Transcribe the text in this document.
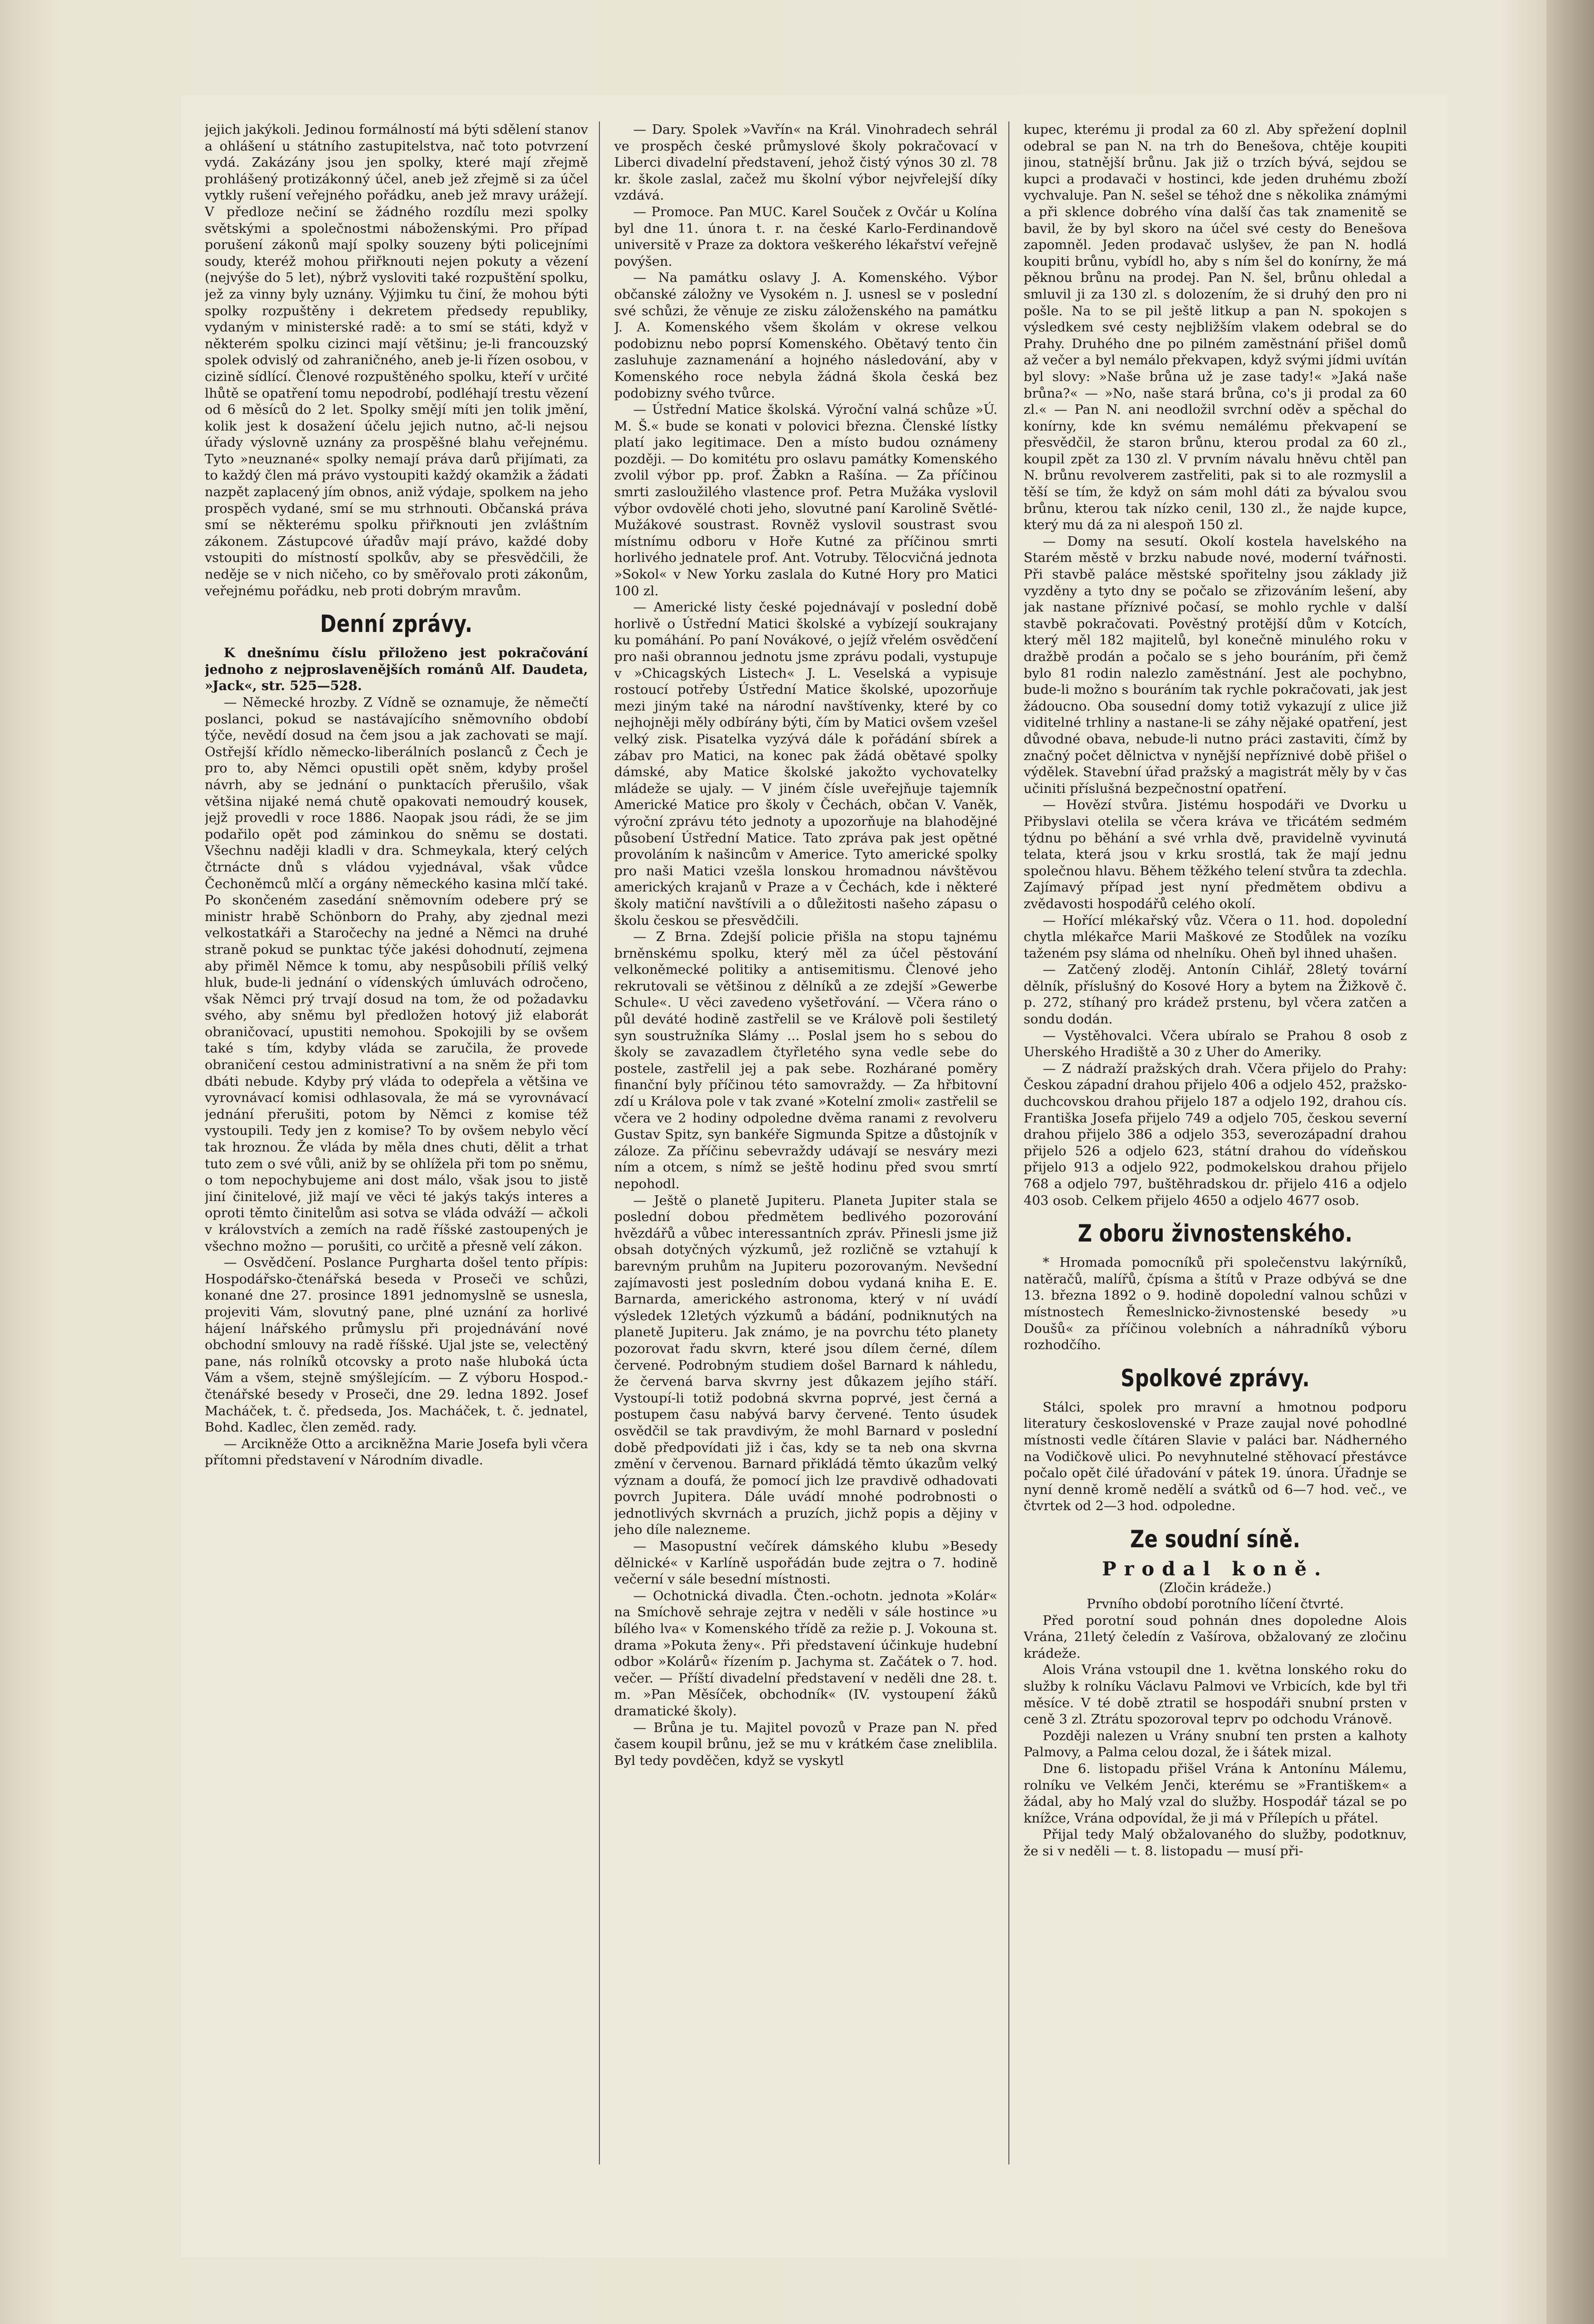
jejich jakýkoli. Jedinou formálností má býti sdělení stanov a ohlášení u státního zastupitelstva, nač toto potvrzení vydá. Zakázány jsou jen spolky, které mají zřejmě prohlášený protizákonný účel, aneb jež zřejmě si za účel vytkly rušení veřejného pořádku, aneb jež mravy urážejí. V předloze nečiní se žádného rozdílu mezi spolky světskými a společnostmi náboženskými. Pro případ porušení zákonů mají spolky souzeny býti policejními soudy, kteréž mohou přiřknouti nejen pokuty a vězení (nejvýše do 5 let), nýbrž vysloviti také rozpuštění spolku, jež za vinny byly uznány. Výjimku tu činí, že mohou býti spolky rozpuštěny i dekretem předsedy republiky, vydaným v ministerské radě: a to smí se státi, když v některém spolku cizinci mají většinu; je-li francouzský spolek odvislý od zahraničného, aneb je-li řízen osobou, v cizině sídlící. Členové rozpuštěného spolku, kteří v určité lhůtě se opatření tomu nepodrobí, podléhají trestu vězení od 6 měsíců do 2 let. Spolky smějí míti jen tolik jmění, kolik jest k dosažení účelu jejich nutno, ač-li nejsou úřady výslovně uznány za prospěšné blahu veřejnému. Tyto »neuznané« spolky nemají práva darů přijímati, za to každý člen má právo vystoupiti každý okamžik a žádati nazpět zaplacený jím obnos, aniž výdaje, spolkem na jeho prospěch vydané, smí se mu strhnouti. Občanská práva smí se některému spolku přiřknouti jen zvláštním zákonem. Zástupcové úřadův mají právo, každé doby vstoupiti do místností spolkův, aby se přesvědčili, že neděje se v nich ničeho, co by směřovalo proti zákonům, veřejnému pořádku, neb proti dobrým mravům.

Denní zprávy.

K dnešnímu číslu přiloženo jest pokračování jednoho z nejproslavenějších románů Alf. Daudeta, »Jack«, str. 525—528.

— Německé hrozby. Z Vídně se oznamuje, že němečtí poslanci, pokud se nastávajícího sněmovního období týče, nevědí dosud na čem jsou a jak zachovati se mají. Ostřejší křídlo německo-liberálních poslanců z Čech je pro to, aby Němci opustili opět sněm, kdyby prošel návrh, aby se jednání o punktacích přerušilo, však většina nijaké nemá chutě opakovati nemoudrý kousek, jejž provedli v roce 1886. Naopak jsou rádi, že se jim podařilo opět pod záminkou do sněmu se dostati. Všechnu naději kladli v dra. Schmeykala, který celých čtrnácte dnů s vládou vyjednával, však vůdce Čechoněmců mlčí a orgány německého kasina mlčí také. Po skončeném zasedání sněmovním odebere prý se ministr hrabě Schönborn do Prahy, aby zjednal mezi velkostatkáři a Staročechy na jedné a Němci na druhé straně pokud se punktac týče jakési dohodnutí, zejmena aby přiměl Němce k tomu, aby nespůsobili příliš velký hluk, bude-li jednání o vídenských úmluvách odročeno, však Němci prý trvají dosud na tom, že od požadavku svého, aby sněmu byl předložen hotový již elaborát obraničovací, upustiti nemohou. Spokojili by se ovšem také s tím, kdyby vláda se zaručila, že provede obraničení cestou administrativní a na sněm že při tom dbáti nebude. Kdyby prý vláda to odepřela a většina ve vyrovnávací komisi odhlasovala, že má se vyrovnávací jednání přerušiti, potom by Němci z komise též vystoupili. Tedy jen z komise? To by ovšem nebylo věcí tak hroznou. Že vláda by měla dnes chuti, dělit a trhat tuto zem o své vůli, aniž by se ohlížela při tom po sněmu, o tom nepochybujeme ani dost málo, však jsou to jistě jiní činitelové, již mají ve věci té jakýs takýs interes a oproti těmto činitelům asi sotva se vláda odváží — ačkoli v královstvích a zemích na radě říšské zastoupených je všechno možno — porušiti, co určitě a přesně velí zákon.

— Osvědčení. Poslance Purghartа došel tento přípis: Hospodářsko-čtenářská beseda v Proseči ve schůzi, konané dne 27. prosince 1891 jednomyslně se usnesla, projeviti Vám, slovutný pane, plné uznání za horlivé hájení lnářského průmyslu při projednávání nové obchodní smlouvy na radě říšské. Ujal jste se, velectěný pane, nás rolníků otcovsky a proto naše hluboká úcta Vám a všem, stejně smýšlejícím. — Z výboru Hospod.-čtenářské besedy v Proseči, dne 29. ledna 1892. Josef Macháček, t. č. předseda, Jos. Macháček, t. č. jednatel, Bohd. Kadlec, člen zeměd. rady.

— Arcikněže Otto a arcikněžna Marie Josefa byli včera přítomni představení v Národním divadle.

— Dary. Spolek »Vavřín« na Král. Vinohradech sehrál ve prospěch české průmyslové školy pokračovací v Liberci divadelní představení, jehož čistý výnos 30 zl. 78 kr. škole zaslal, začež mu školní výbor nejvřelejší díky vzdává.

— Promoce. Pan MUC. Karel Souček z Ovčár u Kolína byl dne 11. února t. r. na české Karlo-Ferdinandově universitě v Praze za doktora veškerého lékařství veřejně povýšen.

— Na památku oslavy J. A. Komenského. Výbor občanské záložny ve Vysokém n. J. usnesl se v poslední své schůzi, že věnuje ze zisku záloženského na památku J. A. Komenského všem školám v okrese velkou podobiznu nebo poprsí Komenského. Obětavý tento čin zasluhuje zaznamenání a hojného následování, aby v Komenského roce nebyla žádná škola česká bez podobizny svého tvůrce.

— Ústřední Matice školská. Výroční valná schůze »Ú. M. Š.« bude se konati v polovici března. Členské lístky platí jako legitimace. Den a místo budou oznámeny později. — Do komitétu pro oslavu památky Komenského zvolil výbor pp. prof. Žabkn a Rašína. — Za příčinou smrti zasloužilého vlastence prof. Petra Mužáka vyslovil výbor ovdovělé choti jeho, slovutné paní Karolině Světlé-Mužákové soustrast. Rovněž vyslovil soustrast svou místnímu odboru v Hoře Kutné za příčinou smrti horlivého jednatele prof. Ant. Votruby. Tělocvičná jednota »Sokol« v New Yorku zaslala do Kutné Hory pro Matici 100 zl.

— Americké listy české pojednávají v poslední době horlivě o Ústřední Matici školské a vybízejí soukrajany ku pomáhání. Po paní Novákové, o jejíž vřelém osvědčení pro naši obrannou jednotu jsme zprávu podali, vystupuje v »Chicagských Listech« J. L. Veselská a vypisuje rostoucí potřeby Ústřední Matice školské, upozorňuje mezi jiným také na národní navštívenky, které by co nejhojněji měly odbírány býti, čím by Matici ovšem vzešel velký zisk. Pisatelka vyzývá dále k pořádání sbírek a zábav pro Matici, na konec pak žádá obětavé spolky dámské, aby Matice školské jakožto vychovatelky mládeže se ujaly. — V jiném čísle uveřejňuje tajemník Americké Matice pro školy v Čechách, občan V. Vaněk, výroční zprávu této jednoty a upozorňuje na blahodějné působení Ústřední Matice. Tato zpráva pak jest opětné provoláním k našincům v Americe. Tyto americké spolky pro naši Matici vzešla lonskou hromadnou návštěvou amerických krajanů v Praze a v Čechách, kde i některé školy matiční navštívili a o důležitosti našeho zápasu o školu českou se přesvědčili.

— Z Brna. Zdejší policie přišla na stopu tajnému brněnskému spolku, který měl za účel pěstování velkoněmecké politiky a antisemitismu. Členové jeho rekrutovali se většinou z dělníků a ze zdejší »Gewerbe Schule«. U věci zavedeno vyšetřování. — Včera ráno o půl deváté hodině zastřelil se ve Králově poli šestiletý syn soustružníka Slámy ... Poslal jsem ho s sebou do školy se zavazadlem čtyřletého syna vedle sebe do postele, zastřelil jej a pak sebe. Rozhárané poměry finanční byly příčinou této samovraždy. — Za hřbitovní zdí u Králova pole v tak zvané »Kotelní zmoli« zastřelil se včera ve 2 hodiny odpoledne dvěma ranami z revolveru Gustav Spitz, syn bankéře Sigmunda Spitze a důstojník v záloze. Za příčinu sebevraždy udávají se nesváry mezi ním a otcem, s nímž se ještě hodinu před svou smrtí nepohodl.

— Ještě o planetě Jupiteru. Planeta Jupiter stala se poslední dobou předmětem bedlivého pozorování hvězdářů a vůbec interessantních zpráv. Přinesli jsme již obsah dotyčných výzkumů, jež rozličně se vztahují k barevným pruhům na Jupiteru pozorovaným. Nevšední zajímavosti jest posledním dobou vydaná kniha E. E. Barnarda, amerického astronoma, který v ní uvádí výsledek 12letých výzkumů a bádání, podniknutých na planetě Jupiteru. Jak známo, je na povrchu této planety pozorovat řadu skvrn, které jsou dílem černé, dílem červené. Podrobným studiem došel Barnard k náhledu, že červená barva skvrny jest důkazem jejího stáří. Vystoupí-li totiž podobná skvrna poprvé, jest černá a postupem času nabývá barvy červené. Tento úsudek osvědčil se tak pravdivým, že mohl Barnard v poslední době předpovídati již i čas, kdy se ta neb ona skvrna změní v červenou. Barnard přikládá těmto úkazům velký význam a doufá, že pomocí jich lze pravdivě odhadovati povrch Jupitera. Dále uvádí mnohé podrobnosti o jednotlivých skvrnách a pruzích, jichž popis a dějiny v jeho díle nalezneme.

— Masopustní večírek dámského klubu »Besedy dělnické« v Karlíně uspořádán bude zejtra o 7. hodině večerní v sále besední místnosti.

— Ochotnická divadla. Čten.-ochotn. jednota »Kolár« na Smíchově sehraje zejtra v neděli v sále hostince »u bílého lva« v Komenského třídě za režie p. J. Vokouna st. drama »Pokuta ženy«. Při představení účinkuje hudební odbor »Kolárů« řízením p. Jachyma st. Začátek o 7. hod. večer. — Příští divadelní představení v neděli dne 28. t. m. »Pan Měsíček, obchodník« (IV. vystoupení žáků dramatické školy).

— Brůna je tu. Majitel povozů v Praze pan N. před časem koupil brůnu, jež se mu v krátkém čase zneliblila. Byl tedy povděčen, když se vyskytl

kupec, kterému ji prodal za 60 zl. Aby spřežení doplnil odebral se pan N. na trh do Benešova, chtěje koupiti jinou, statnější brůnu. Jak již o trzích bývá, sejdou se kupci a prodavači v hostinci, kde jeden druhému zboží vychvaluje. Pan N. sešel se téhož dne s několika známými a při sklence dobrého vína další čas tak znamenitě se bavil, že by byl skoro na účel své cesty do Benešova zapomněl. Jeden prodavač uslyšev, že pan N. hodlá koupiti brůnu, vybídl ho, aby s ním šel do konírny, že má pěknou brůnu na prodej. Pan N. šel, brůnu ohledal a smluvil ji za 130 zl. s dolozením, že si druhý den pro ni pošle. Na to se pil ještě litkup a pan N. spokojen s výsledkem své cesty nejbližším vlakem odebral se do Prahy. Druhého dne po pilném zaměstnání přišel domů až večer a byl nemálo překvapen, když svými jídmi uvítán byl slovy: »Naše brůna už je zase tady!« »Jaká naše brůna?« — »No, naše stará brůna, co's ji prodal za 60 zl.« — Pan N. ani neodložil svrchní oděv a spěchal do konírny, kde kn svému nemálému překvapení se přesvědčil, že staron brůnu, kterou prodal za 60 zl., koupil zpět za 130 zl. V prvním návalu hněvu chtěl pan N. brůnu revolverem zastřeliti, pak si to ale rozmyslil a těší se tím, že když on sám mohl dáti za bývalou svou brůnu, kterou tak nízko cenil, 130 zl., že najde kupce, který mu dá za ni alespoň 150 zl.

— Domy na sesutí. Okolí kostela havelského na Starém městě v brzku nabude nové, moderní tvářnosti. Při stavbě paláce městské spořitelny jsou základy již vyzděny a tyto dny se počalo se zřizováním lešení, aby jak nastane příznivé počasí, se mohlo rychle v další stavbě pokračovati. Pověstný protější dům v Kotcích, který měl 182 majitelů, byl konečně minulého roku v dražbě prodán a počalo se s jeho bouráním, při čemž bylo 81 rodin nalezlo zaměstnání. Jest ale pochybno, bude-li možno s bouráním tak rychle pokračovati, jak jest žádoucno. Oba sousední domy totiž vykazují z ulice již viditelné trhliny a nastane-li se záhy nějaké opatření, jest důvodné obava, nebude-li nutno práci zastaviti, čímž by značný počet dělnictva v nynější nepříznivé době přišel o výdělek. Stavební úřad pražský a magistrát měly by v čas učiniti příslušná bezpečnostní opatření.

— Hovězí stvůra. Jistému hospodáři ve Dvorku u Přibyslavi otelila se včera kráva ve třicátém sedmém týdnu po běhání a své vrhla dvě, pravidelně vyvinutá telata, která jsou v krku srostlá, tak že mají jednu společnou hlavu. Během těžkého telení stvůra ta zdechla. Zajímavý případ jest nyní předmětem obdivu a zvědavosti hospodářů celého okolí.

— Hořící mlékařský vůz. Včera o 11. hod. dopolední chytla mlékařce Marii Maškové ze Stodůlek na vozíku taženém psy sláma od nhelníku. Oheň byl ihned uhašen.

— Zatčený zloděj. Antonín Cihlář, 28letý tovární dělník, příslušný do Kosové Hory a bytem na Žižkově č. p. 272, stíhaný pro krádež prstenu, byl včera zatčen a sondu dodán.

— Vystěhovalci. Včera ubíralo se Prahou 8 osob z Uherského Hradiště a 30 z Uher do Ameriky.

— Z nádraží pražských drah. Včera přijelo do Prahy: Českou západní drahou přijelo 406 a odjelo 452, pražsko-duchcovskou drahou přijelo 187 a odjelo 192, drahou cís. Františka Josefa přijelo 749 a odjelo 705, českou severní drahou přijelo 386 a odjelo 353, severozápadní drahou přijelo 526 a odjelo 623, státní drahou do vídeňskou přijelo 913 a odjelo 922, podmokelskou drahou přijelo 768 a odjelo 797, buštěhradskou dr. přijelo 416 a odjelo 403 osob. Celkem přijelo 4650 a odjelo 4677 osob.

Z oboru živnostenského.

* Hromada pomocníků při společenstvu lakýrníků, natěračů, malířů, čpísma a štítů v Praze odbývá se dne 13. března 1892 o 9. hodině dopolední valnou schůzi v místnostech Řemeslnicko-živnostenské besedy »u Doušů« za příčinou volebních a náhradníků výboru rozhodčího.

Spolkové zprávy.

Stálci, spolek pro mravní a hmotnou podporu literatury československé v Praze zaujal nové pohodlné místnosti vedle čítáren Slavie v paláci bar. Nádherného na Vodičkově ulici. Po nevyhnutelné stěhovací přestávce počalo opět čilé úřadování v pátek 19. února. Úřadnje se nyní denně kromě nedělí a svátků od 6—7 hod. več., ve čtvrtek od 2—3 hod. odpoledne.

Ze soudní síně.
Prodal koně.

(Zločin krádeže.)

Prvního období porotního líčení čtvrté.

Před porotní soud pohnán dnes dopoledne Alois Vrána, 21letý čeledín z Vašírova, obžalovaný ze zločinu krádeže.

Alois Vrána vstoupil dne 1. května lonského roku do služby k rolníku Václavu Palmovi ve Vrbicích, kde byl tři měsíce. V té době ztratil se hospodáři snubní prsten v ceně 3 zl. Ztrátu spozoroval teprv po odchodu Vránově.

Později nalezen u Vrány snubní ten prsten a kalhoty Palmovy, a Palma celou dozal, že i šátek mizal.

Dne 6. listopadu přišel Vrána k Antonínu Málemu, rolníku ve Velkém Jenči, kterému se »Františkem« a žádal, aby ho Malý vzal do služby. Hospodář tázal se po knížce, Vrána odpovídal, že ji má v Přílepích u přátel.

Přijal tedy Malý obžalovaného do služby, podotknuv, že si v neděli — t. 8. listopadu — musí při-
